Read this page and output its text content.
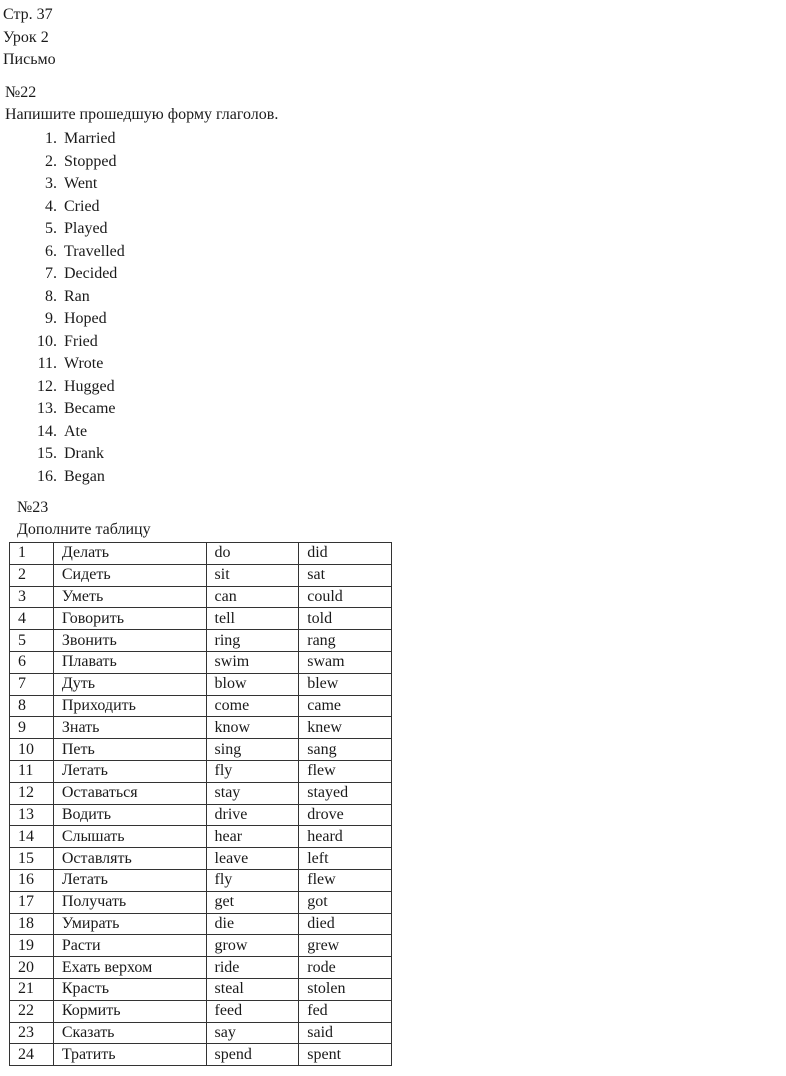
Стр. 37
Урок 2
Письмо
№22
Напишите прошедшую форму глаголов.
1. Married
2. Stopped
3. Went
4. Cried
5. Played
6. Travelled
7. Decided
8. Ran
9. Hoped
10. Fried
11. Wrote
12. Hugged
13. Became
14. Ate
15. Drank
16. Began
№23
Дополните таблицу
1	Делать	do	did
2	Сидеть	sit	sat
3	Уметь	can	could
4	Говорить	tell	told
5	Звонить	ring	rang
6	Плавать	swim	swam
7	Дуть	blow	blew
8	Приходить	come	came
9	Знать	know	knew
10	Петь	sing	sang
11	Летать	fly	flew
12	Оставаться	stay	stayed
13	Водить	drive	drove
14	Слышать	hear	heard
15	Оставлять	leave	left
16	Летать	fly	flew
17	Получать	get	got
18	Умирать	die	died
19	Расти	grow	grew
20	Ехать верхом	ride	rode
21	Красть	steal	stolen
22	Кормить	feed	fed
23	Сказать	say	said
24	Тратить	spend	spent
